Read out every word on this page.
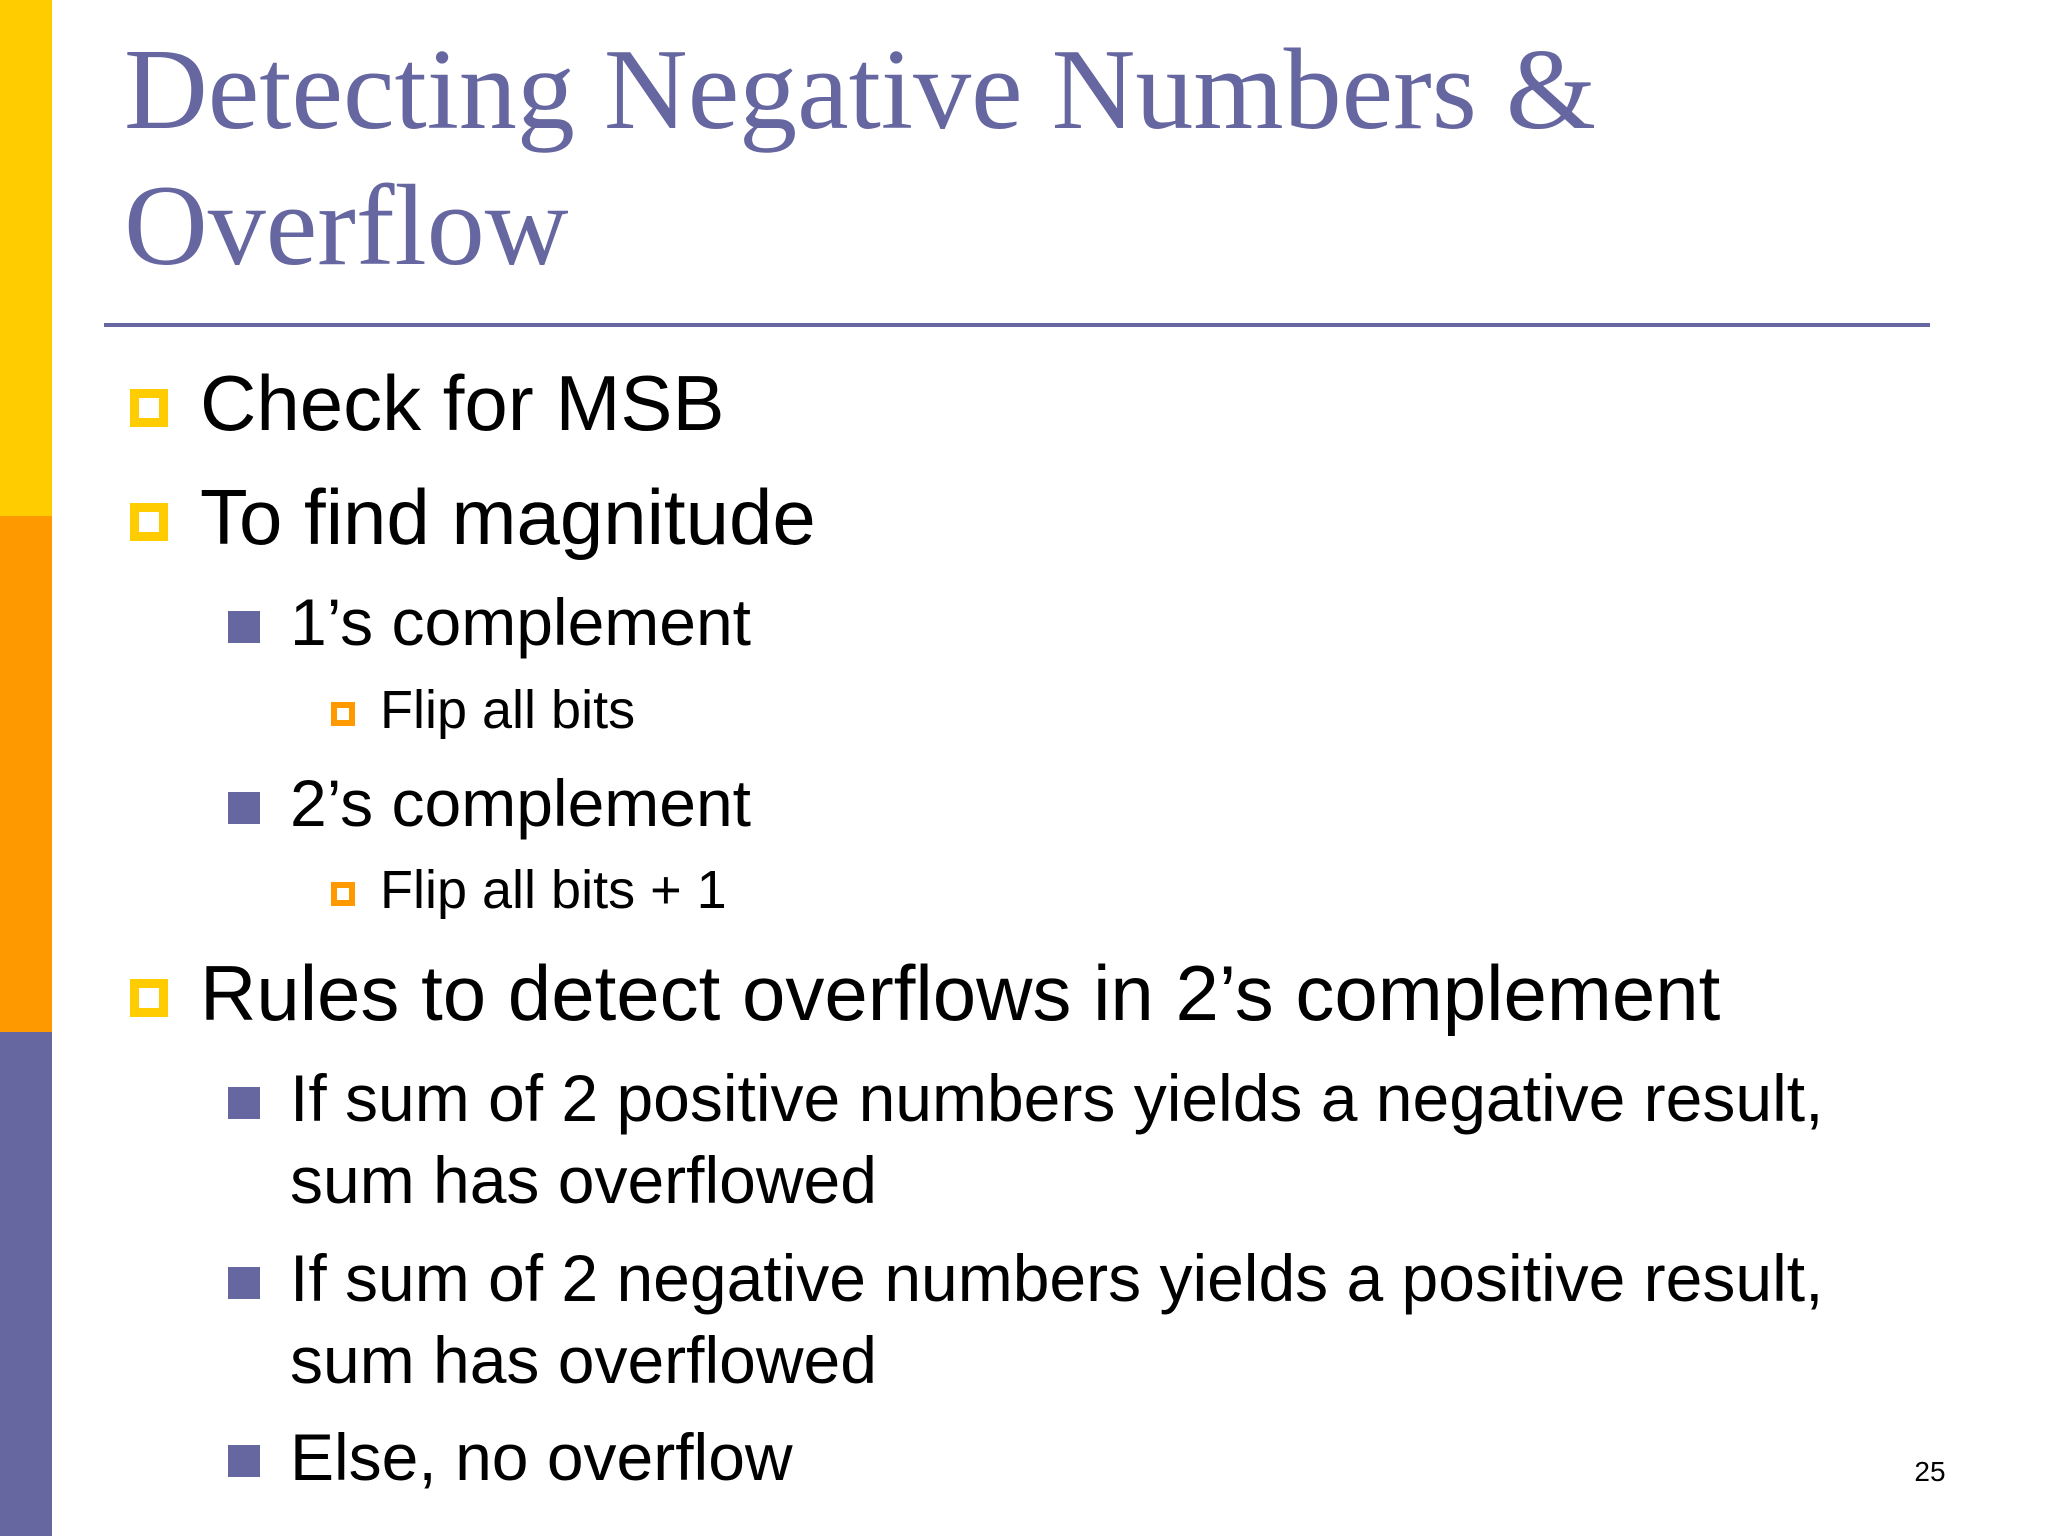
Detecting Negative Numbers & Overflow
Check for MSB
To find magnitude
1’s complement
Flip all bits
2’s complement
Flip all bits + 1
Rules to detect overflows in 2’s complement
If sum of 2 positive numbers yields a negative result, sum has overflowed
If sum of 2 negative numbers yields a positive result, sum has overflowed
Else, no overflow	25
